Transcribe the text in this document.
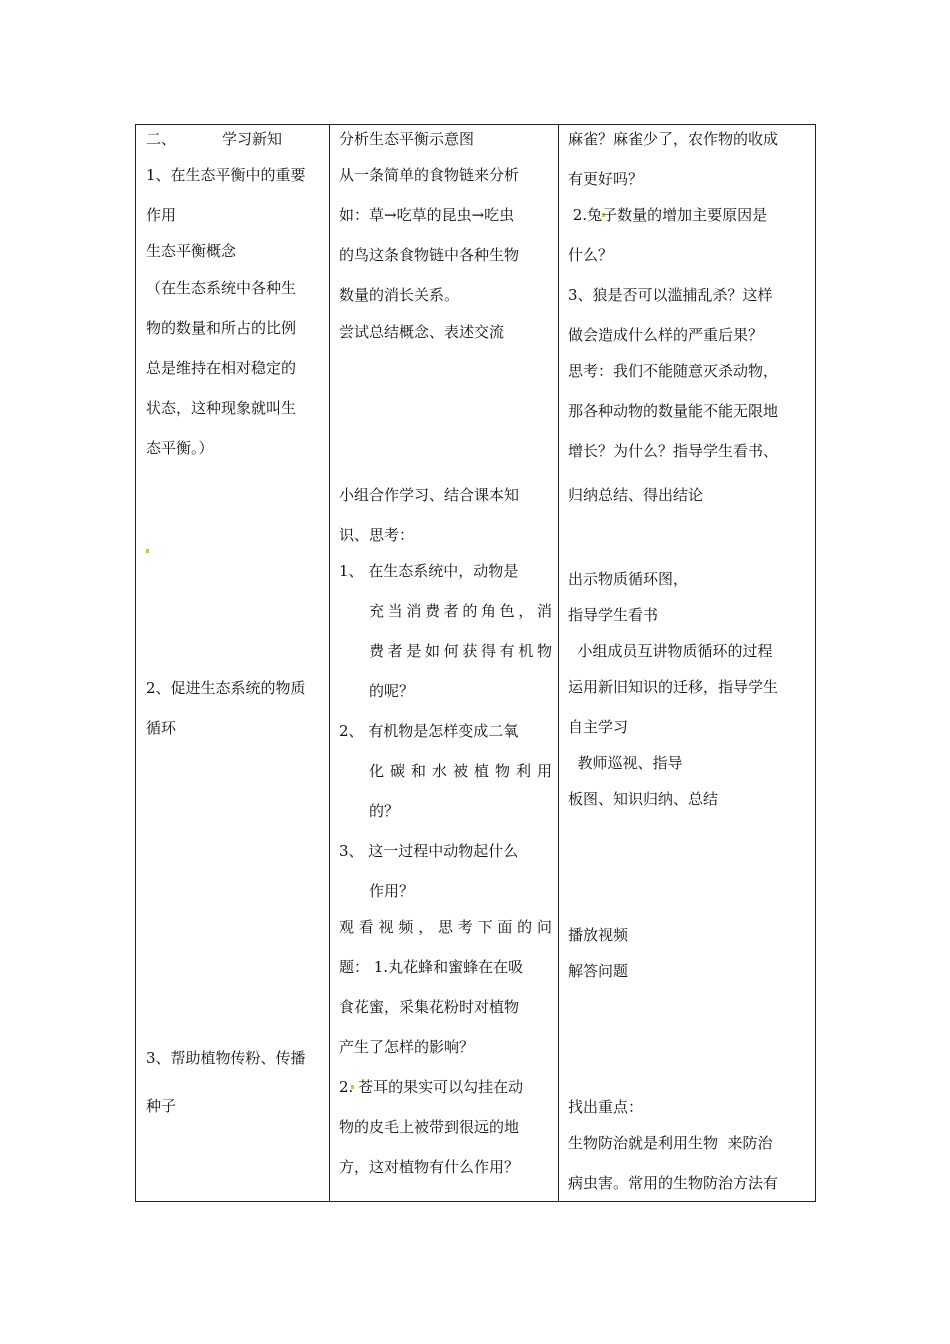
二、	学习新知
1、在生态平衡中的重要
作用
生态平衡概念
（在生态系统中各种生
物的数量和所占的比例
总是维持在相对稳定的
状态，这种现象就叫生
态平衡。）
2、促进生态系统的物质
循环
3、帮助植物传粉、传播
种子
分析生态平衡示意图
从一条简单的食物链来分析
如：草→吃草的昆虫→吃虫
的鸟这条食物链中各种生物
数量的消长关系。
尝试总结概念、表述交流
小组合作学习、结合课本知
识、思考：
1、 在生态系统中，动物是
充当消费者的角色，消
费者是如何获得有机物
的呢？
2、 有机物是怎样变成二氧
化碳和水被植物利用
的？
3、 这一过程中动物起什么
作用？
观看视频，思考下面的问
题： 1.丸花蜂和蜜蜂在在吸
食花蜜，采集花粉时对植物
产生了怎样的影响？
2. 苍耳的果实可以勾挂在动
物的皮毛上被带到很远的地
方，这对植物有什么作用？
麻雀？麻雀少了，农作物的收成
有更好吗？
2.兔子数量的增加主要原因是
什么？
3、狼是否可以滥捕乱杀？这样
做会造成什么样的严重后果？
思考：我们不能随意灭杀动物，
那各种动物的数量能不能无限地
增长？为什么？指导学生看书、
归纳总结、得出结论
出示物质循环图，
指导学生看书
小组成员互讲物质循环的过程
运用新旧知识的迁移，指导学生
自主学习
教师巡视、指导
板图、知识归纳、总结
播放视频
解答问题
找出重点：
生物防治就是利用生物  来防治
病虫害。常用的生物防治方法有
